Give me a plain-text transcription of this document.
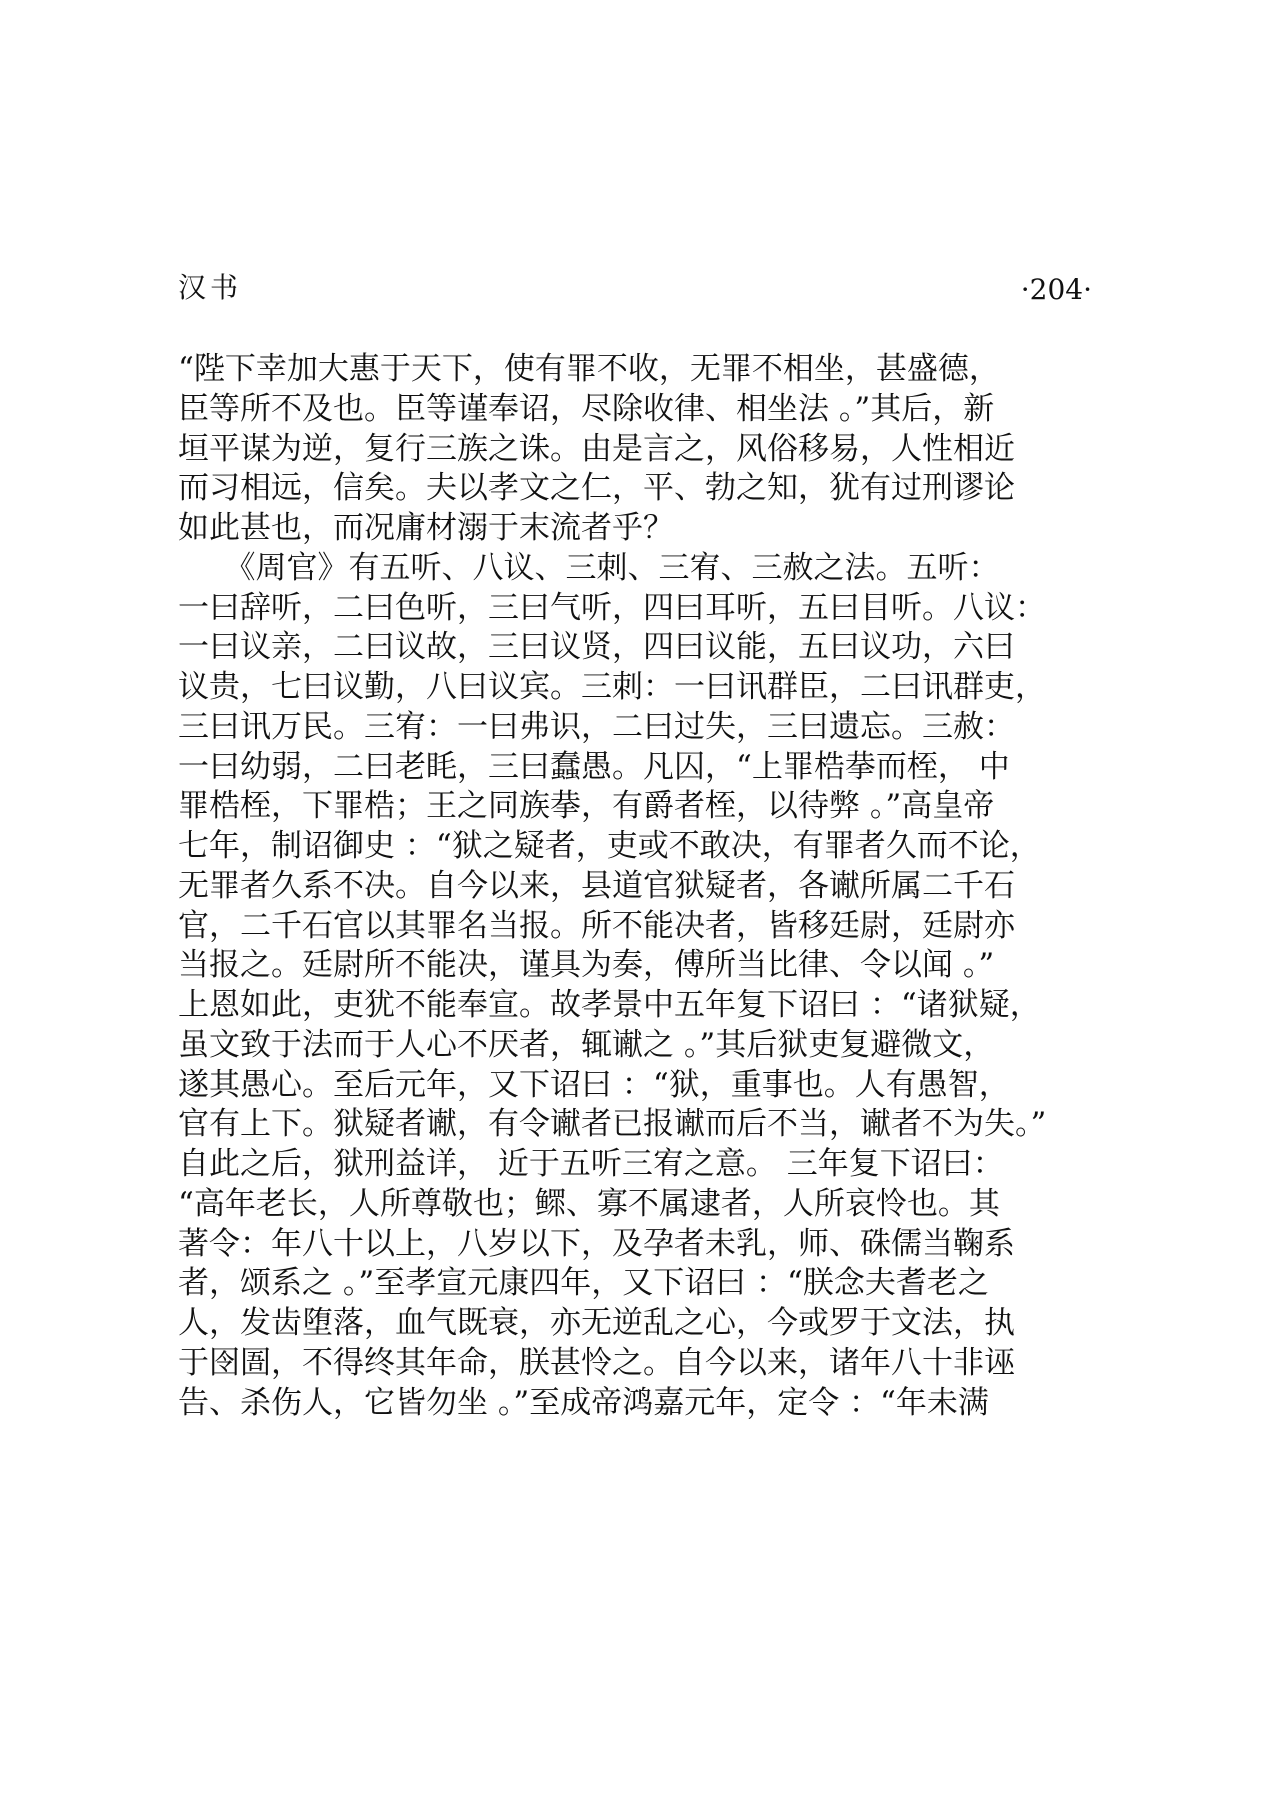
汉书	·204·
“陛下幸加大惠于天下，使有罪不收，无罪不相坐，甚盛德，
臣等所不及也。臣等谨奉诏，尽除收律、相坐法 。”其后，新
垣平谋为逆，复行三族之诛。由是言之，风俗移易，人性相近
而习相远，信矣。夫以孝文之仁，平、勃之知，犹有过刑谬论
如此甚也，而况庸材溺于末流者乎？
　　《周官》有五听、八议、三刺、三宥、三赦之法。五听：
一曰辞听，二曰色听，三曰气听，四曰耳听，五曰目听。八议：
一曰议亲，二曰议故，三曰议贤，四曰议能，五曰议功，六曰
议贵，七曰议勤，八曰议宾。三刺：一曰讯群臣，二曰讯群吏，
三曰讯万民。三宥：一曰弗识，二曰过失，三曰遗忘。三赦：
一曰幼弱，二曰老眊，三曰蠢愚。凡囚，“上罪梏拲而桎， 中
罪梏桎，下罪梏；王之同族拲，有爵者桎，以待弊 。”高皇帝
七年，制诏御史 ：“狱之疑者，吏或不敢决，有罪者久而不论，
无罪者久系不决。自今以来，县道官狱疑者，各谳所属二千石
官，二千石官以其罪名当报。所不能决者，皆移廷尉，廷尉亦
当报之。廷尉所不能决，谨具为奏，傅所当比律、令以闻 。”
上恩如此，吏犹不能奉宣。故孝景中五年复下诏曰 ：“诸狱疑，
虽文致于法而于人心不厌者，辄谳之 。”其后狱吏复避微文，
遂其愚心。至后元年，又下诏曰 ：“狱，重事也。人有愚智，
官有上下。狱疑者谳，有令谳者已报谳而后不当，谳者不为失。”
自此之后，狱刑益详， 近于五听三宥之意。 三年复下诏曰：
“高年老长，人所尊敬也；鳏、寡不属逮者，人所哀怜也。其
著令：年八十以上，八岁以下，及孕者未乳，师、硃儒当鞠系
者，颂系之 。”至孝宣元康四年，又下诏曰 ：“朕念夫耆老之
人，发齿堕落，血气既衰，亦无逆乱之心，今或罗于文法，执
于囹圄，不得终其年命，朕甚怜之。自今以来，诸年八十非诬
告、杀伤人，它皆勿坐 。”至成帝鸿嘉元年，定令 ：“年未满
